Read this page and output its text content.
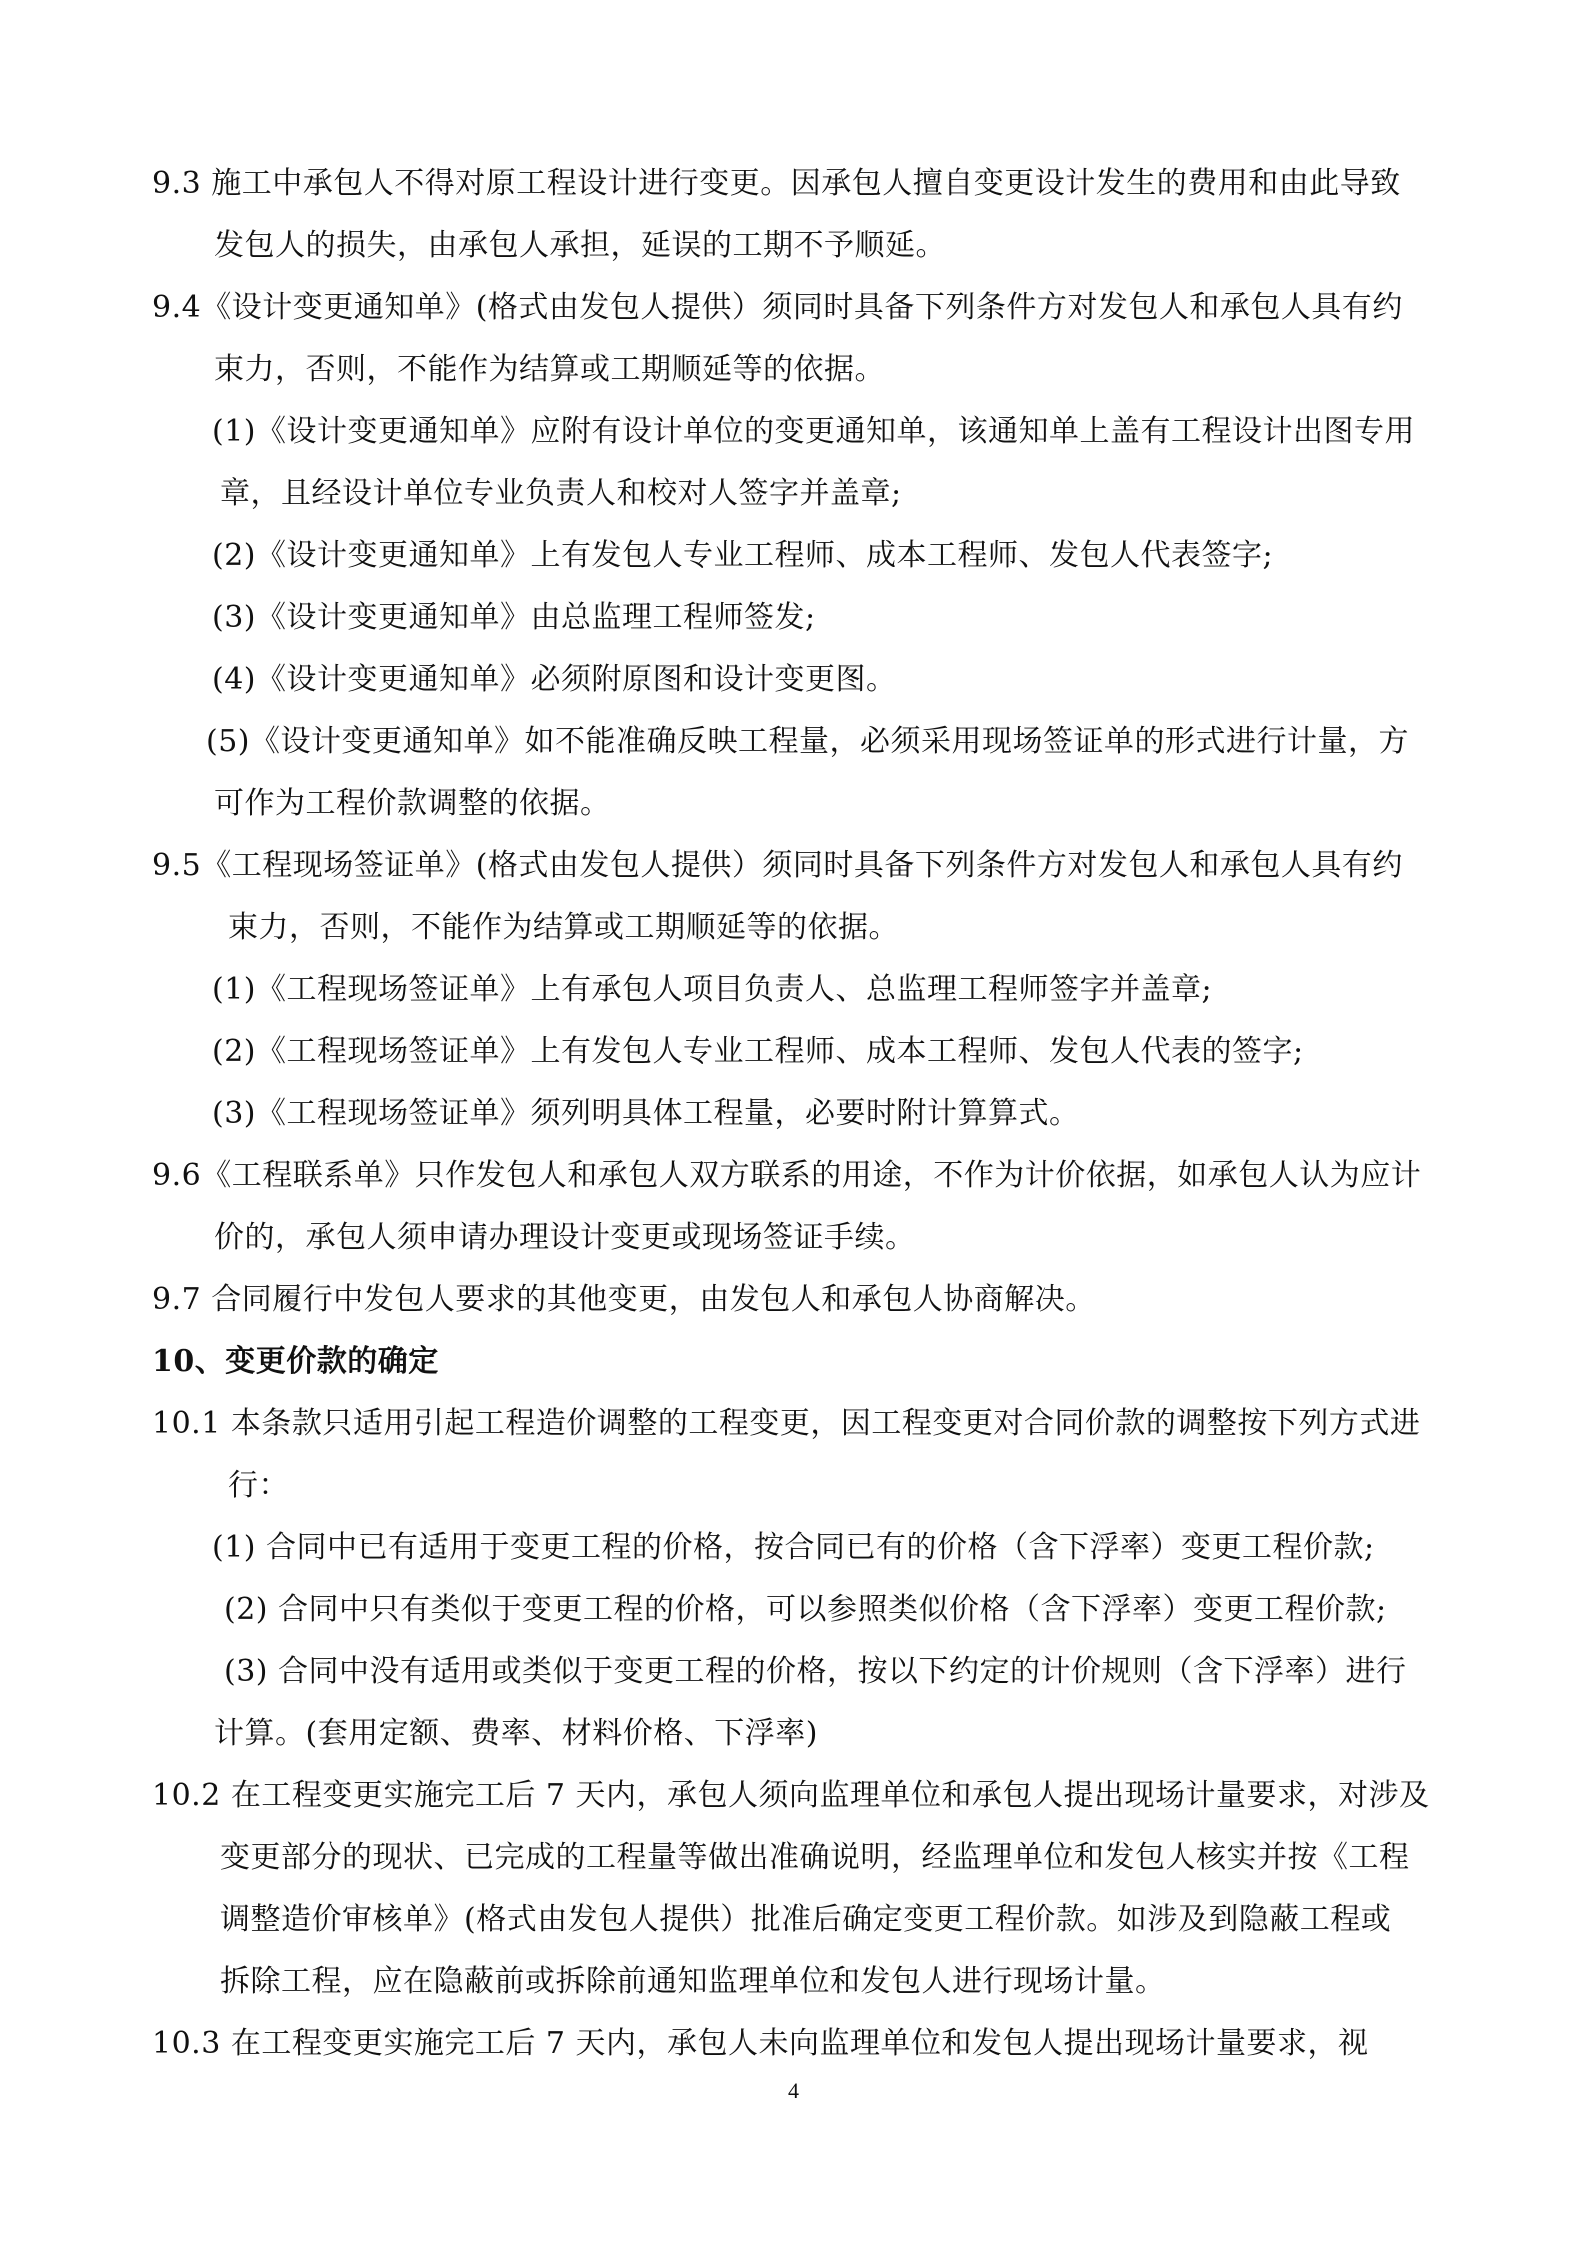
9.3 施工中承包人不得对原工程设计进行变更。因承包人擅自变更设计发生的费用和由此导致
发包人的损失，由承包人承担，延误的工期不予顺延。
9.4《设计变更通知单》(格式由发包人提供）须同时具备下列条件方对发包人和承包人具有约
束力，否则，不能作为结算或工期顺延等的依据。
(1)《设计变更通知单》应附有设计单位的变更通知单，该通知单上盖有工程设计出图专用
章，且经设计单位专业负责人和校对人签字并盖章;
(2)《设计变更通知单》上有发包人专业工程师、成本工程师、发包人代表签字;
(3)《设计变更通知单》由总监理工程师签发;
(4)《设计变更通知单》必须附原图和设计变更图。
(5)《设计变更通知单》如不能准确反映工程量，必须采用现场签证单的形式进行计量，方
可作为工程价款调整的依据。
9.5《工程现场签证单》(格式由发包人提供）须同时具备下列条件方对发包人和承包人具有约
束力，否则，不能作为结算或工期顺延等的依据。
(1)《工程现场签证单》上有承包人项目负责人、总监理工程师签字并盖章;
(2)《工程现场签证单》上有发包人专业工程师、成本工程师、发包人代表的签字;
(3)《工程现场签证单》须列明具体工程量，必要时附计算算式。
9.6《工程联系单》只作发包人和承包人双方联系的用途，不作为计价依据，如承包人认为应计
价的，承包人须申请办理设计变更或现场签证手续。
9.7 合同履行中发包人要求的其他变更，由发包人和承包人协商解决。
10、变更价款的确定
10.1 本条款只适用引起工程造价调整的工程变更，因工程变更对合同价款的调整按下列方式进
行：
(1) 合同中已有适用于变更工程的价格，按合同已有的价格（含下浮率）变更工程价款;
(2) 合同中只有类似于变更工程的价格，可以参照类似价格（含下浮率）变更工程价款;
(3) 合同中没有适用或类似于变更工程的价格，按以下约定的计价规则（含下浮率）进行
计算。(套用定额、费率、材料价格、下浮率)
10.2 在工程变更实施完工后 7 天内，承包人须向监理单位和承包人提出现场计量要求，对涉及
变更部分的现状、已完成的工程量等做出准确说明，经监理单位和发包人核实并按《工程
调整造价审核单》(格式由发包人提供）批准后确定变更工程价款。如涉及到隐蔽工程或
拆除工程，应在隐蔽前或拆除前通知监理单位和发包人进行现场计量。
10.3 在工程变更实施完工后 7 天内，承包人未向监理单位和发包人提出现场计量要求，视
4
